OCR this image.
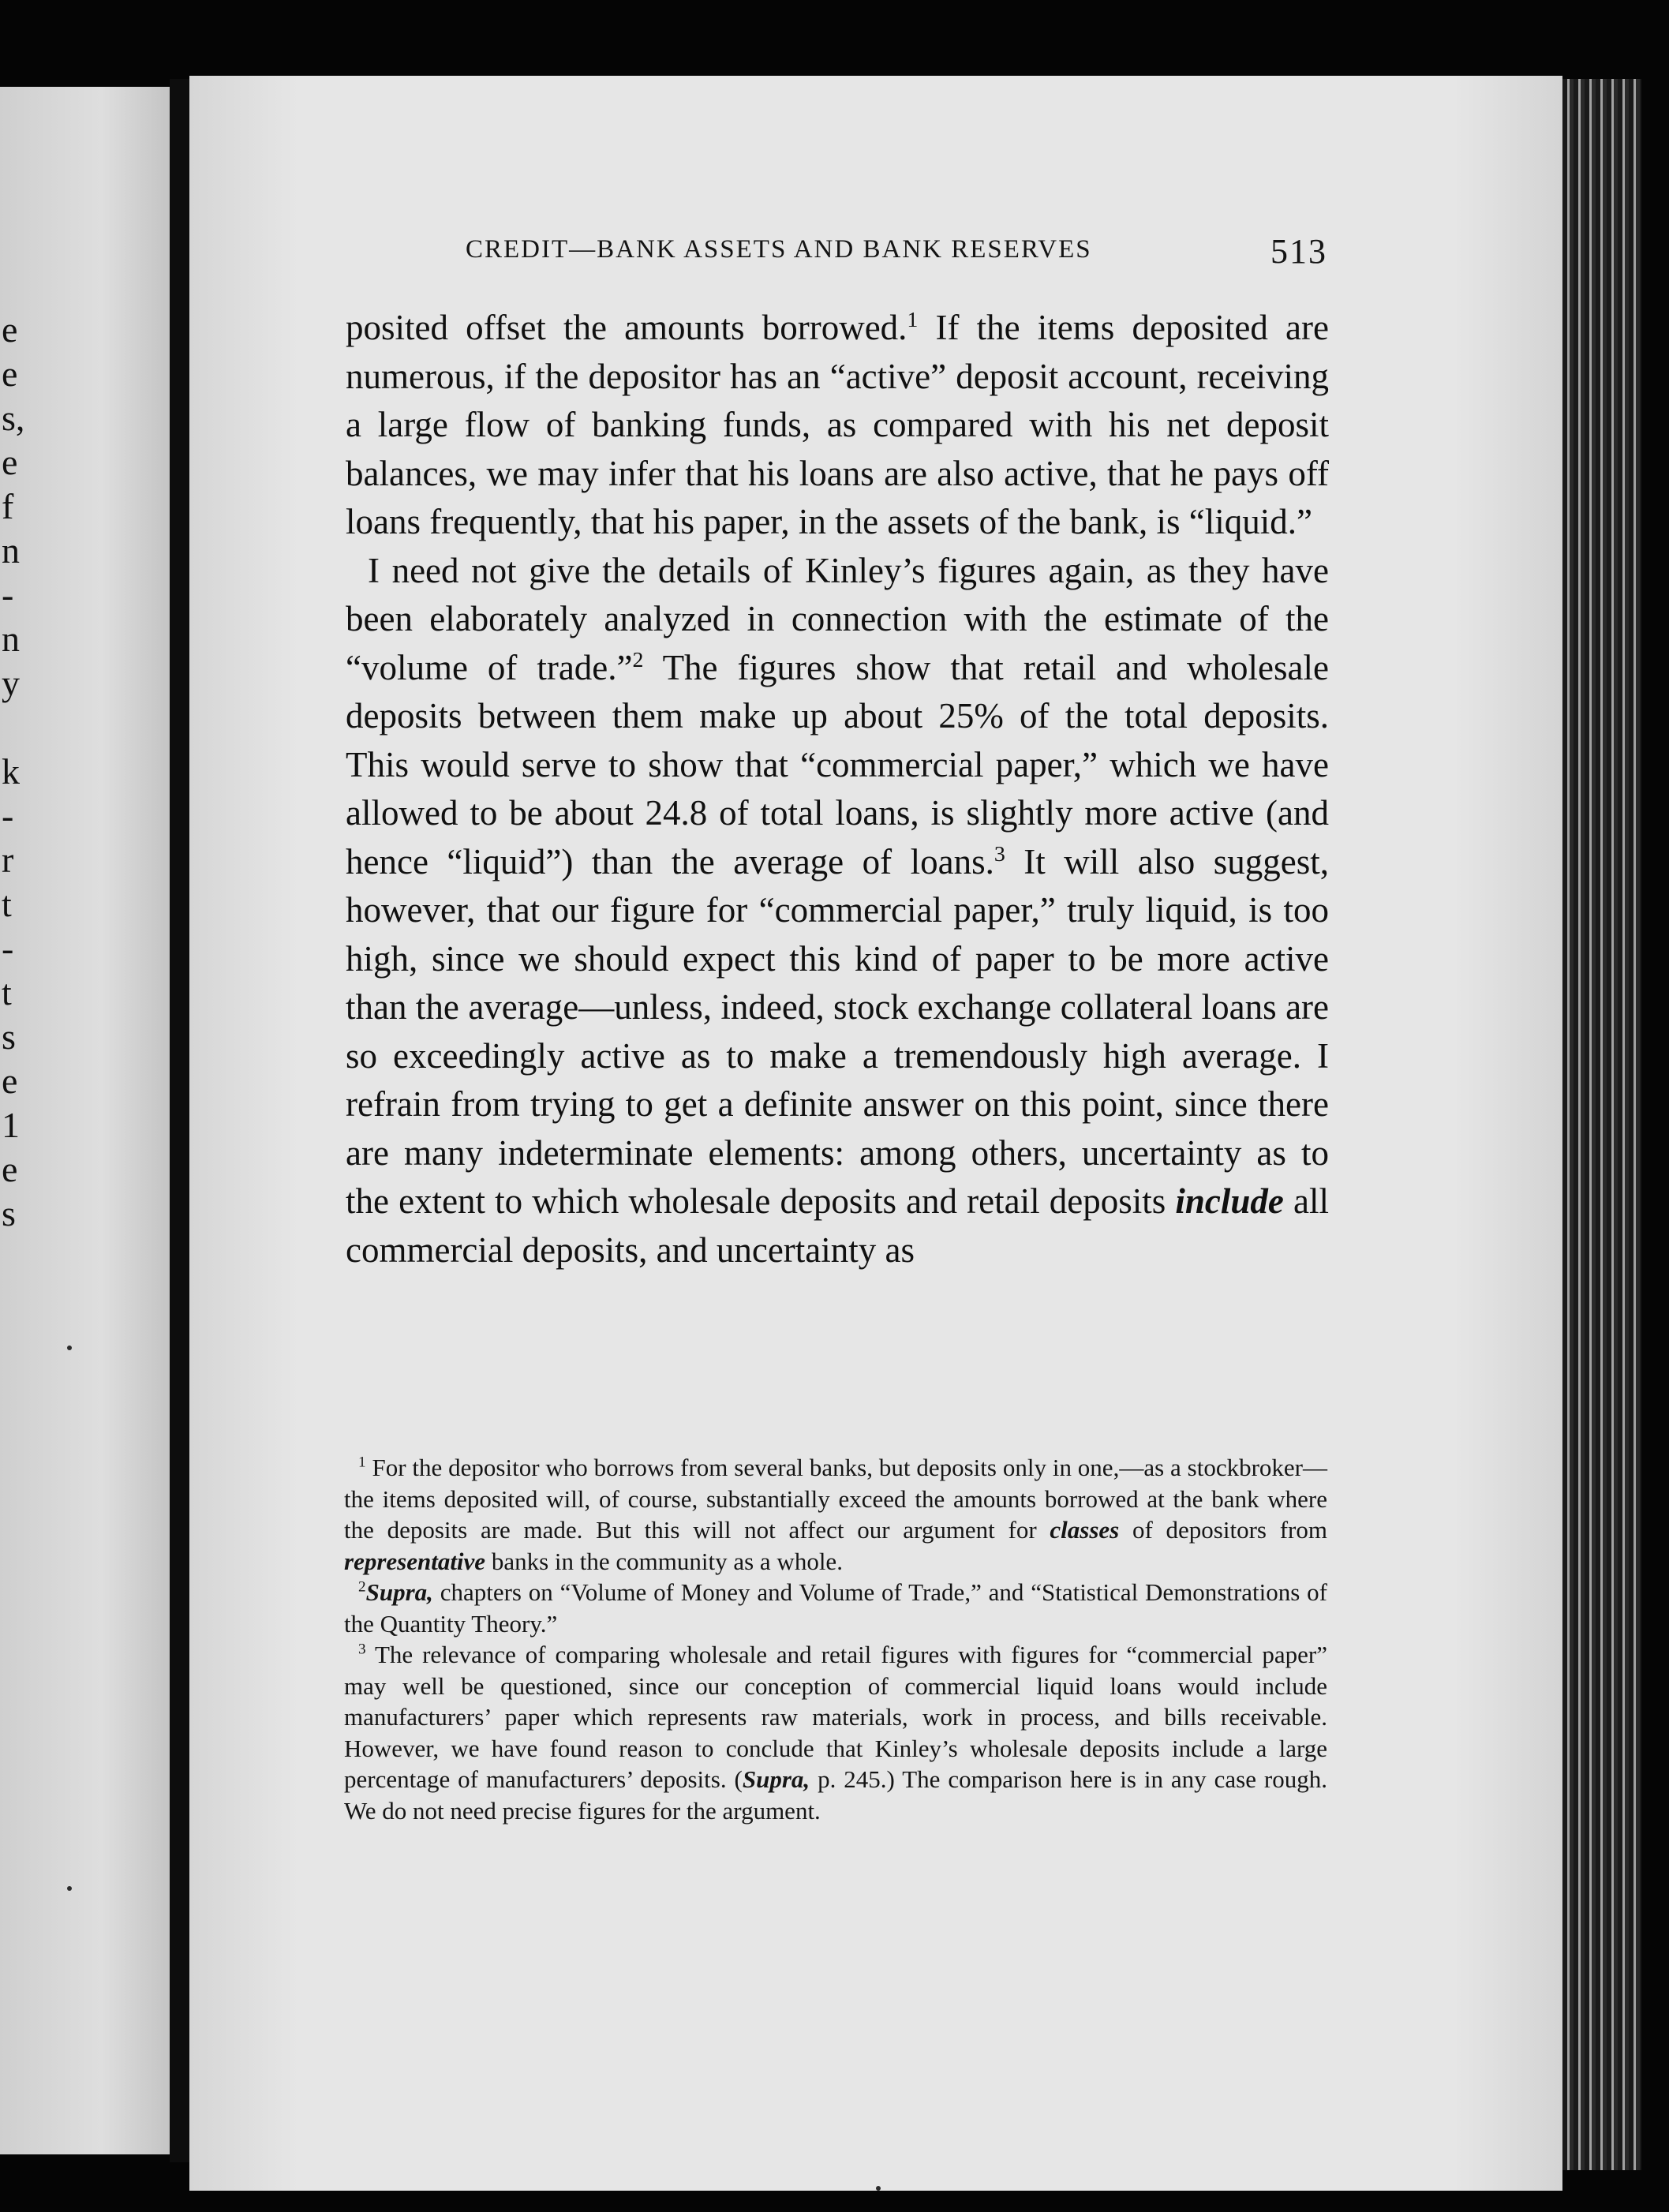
e
e
s,
e
f
n
-
n
y
k
-
r
t
-
t
s
e
1
e
s
CREDIT—BANK ASSETS AND BANK RESERVES	513

posited offset the amounts borrowed.$^1$ If the items deposited are numerous, if the depositor has an “active” deposit account, receiving a large flow of banking funds, as compared with his net deposit balances, we may infer that his loans are also active, that he pays off loans frequently, that his paper, in the assets of the bank, is “liquid.”

I need not give the details of Kinley’s figures again, as they have been elaborately analyzed in connection with the estimate of the “volume of trade.”$^2$ The figures show that retail and wholesale deposits between them make up about 25% of the total deposits. This would serve to show that “commercial paper,” which we have allowed to be about 24.8 of total loans, is slightly more active (and hence “liquid”) than the average of loans.$^3$ It will also suggest, however, that our figure for “commercial paper,” truly liquid, is too high, since we should expect this kind of paper to be more active than the average—unless, indeed, stock exchange collateral loans are so exceedingly active as to make a tremendously high average. I refrain from trying to get a definite answer on this point, since there are many indeterminate elements: among others, uncertainty as to the extent to which wholesale deposits and retail deposits include all commercial deposits, and uncertainty as

$^1$ For the depositor who borrows from several banks, but deposits only in one,—as a stockbroker—the items deposited will, of course, substantially exceed the amounts borrowed at the bank where the deposits are made. But this will not affect our argument for classes of depositors from representative banks in the community as a whole.

$^2$Supra, chapters on “Volume of Money and Volume of Trade,” and “Statistical Demonstrations of the Quantity Theory.”

$^3$ The relevance of comparing wholesale and retail figures with figures for “commercial paper” may well be questioned, since our conception of commercial liquid loans would include manufacturers’ paper which represents raw materials, work in process, and bills receivable. However, we have found reason to conclude that Kinley’s wholesale deposits include a large percentage of manufacturers’ deposits. (Supra, p. 245.) The comparison here is in any case rough. We do not need precise figures for the argument.
